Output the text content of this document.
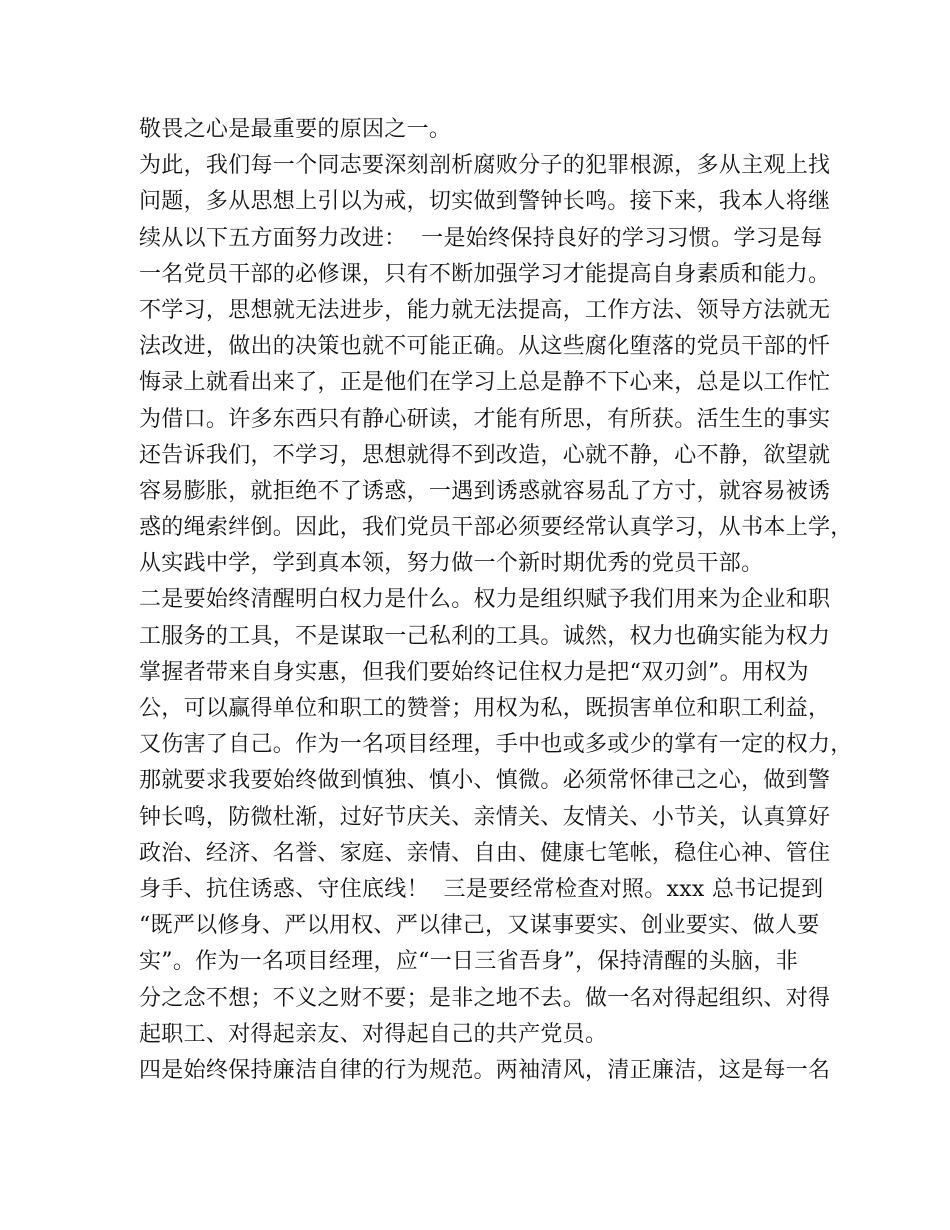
敬畏之心是最重要的原因之一。
为此，我们每一个同志要深刻剖析腐败分子的犯罪根源，多从主观上找
问题，多从思想上引以为戒，切实做到警钟长鸣。接下来，我本人将继
续从以下五方面努力改进：  一是始终保持良好的学习习惯。学习是每
一名党员干部的必修课，只有不断加强学习才能提高自身素质和能力。
不学习，思想就无法进步，能力就无法提高，工作方法、领导方法就无
法改进，做出的决策也就不可能正确。从这些腐化堕落的党员干部的忏
悔录上就看出来了，正是他们在学习上总是静不下心来，总是以工作忙
为借口。许多东西只有静心研读，才能有所思，有所获。活生生的事实
还告诉我们，不学习，思想就得不到改造，心就不静，心不静，欲望就
容易膨胀，就拒绝不了诱惑，一遇到诱惑就容易乱了方寸，就容易被诱
惑的绳索绊倒。因此，我们党员干部必须要经常认真学习，从书本上学，
从实践中学，学到真本领，努力做一个新时期优秀的党员干部。
二是要始终清醒明白权力是什么。权力是组织赋予我们用来为企业和职
工服务的工具，不是谋取一己私利的工具。诚然，权力也确实能为权力
掌握者带来自身实惠，但我们要始终记住权力是把“双刃剑”。用权为
公，可以赢得单位和职工的赞誉；用权为私，既损害单位和职工利益，
又伤害了自己。作为一名项目经理，手中也或多或少的掌有一定的权力，
那就要求我要始终做到慎独、慎小、慎微。必须常怀律己之心，做到警
钟长鸣，防微杜渐，过好节庆关、亲情关、友情关、小节关，认真算好
政治、经济、名誉、家庭、亲情、自由、健康七笔帐，稳住心神、管住
身手、抗住诱惑、守住底线！  三是要经常检查对照。xxx 总书记提到
“既严以修身、严以用权、严以律己，又谋事要实、创业要实、做人要
实”。作为一名项目经理，应“一日三省吾身”，保持清醒的头脑，非
分之念不想；不义之财不要；是非之地不去。做一名对得起组织、对得
起职工、对得起亲友、对得起自己的共产党员。
四是始终保持廉洁自律的行为规范。两袖清风，清正廉洁，这是每一名
